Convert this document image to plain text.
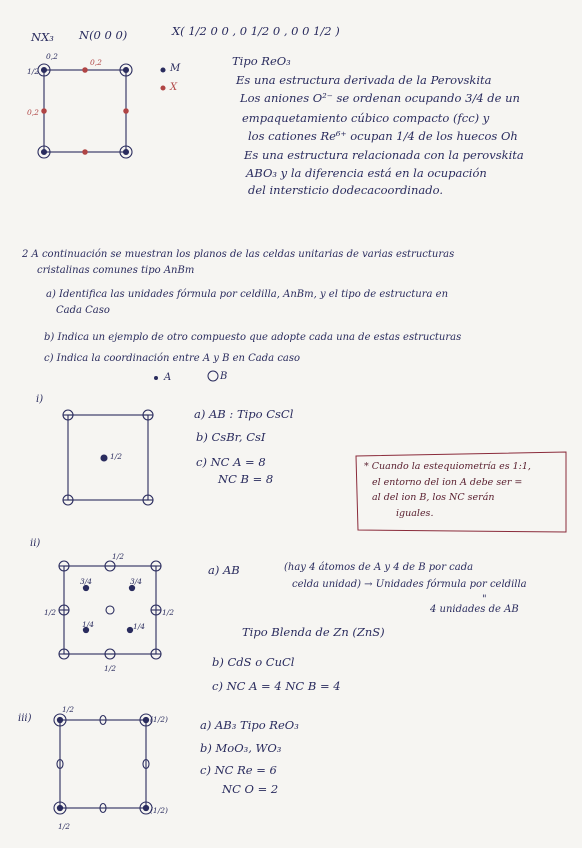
NX₃ N(0 0 0)	X( 1/2 0 0 , 0 1/2 0 , 0 0 1/2 )
0,2
1/2
0,2
0,2
M
X
Tipo ReO₃
Es una estructura derivada de la Perovskita
Los aniones O²⁻ se ordenan ocupando 3/4 de un
empaquetamiento cúbico compacto (fcc) y
los cationes Re⁶⁺ ocupan 1/4 de los huecos Oh
Es una estructura relacionada con la perovskita
ABO₃ y la diferencia está en la ocupación
del intersticio dodecacoordinado.
2 A continuación se muestran los planos de las celdas unitarias de varias estructuras
cristalinas comunes tipo AnBm
a) Identifica las unidades fórmula por celdilla, AnBm, y el tipo de estructura en
Cada Caso
b) Indica un ejemplo de otro compuesto que adopte cada una de estas estructuras
c) Indica la coordinación entre A y B en Cada caso
A	B
i)
1/2
a) AB : Tipo CsCl
b) CsBr, CsI
c) NC A = 8
NC B = 8
* Cuando la estequiometría es 1:1,
el entorno del ion A debe ser =
al del ion B, los NC serán
iguales.
ii)
1/2
3/4	3/4
1/2	1/2
1/4	1/4
1/2
a) AB	(hay 4 átomos de A y 4 de B por cada
celda unidad) → Unidades fórmula por celdilla
"
4 unidades de AB
Tipo Blenda de Zn (ZnS)
b) CdS o CuCl
c) NC A = 4 NC B = 4
iii)
1/2
(1/2)
1/2
(1/2)
a) AB₃ Tipo ReO₃
b) MoO₃, WO₃
c) NC Re = 6
NC O = 2
